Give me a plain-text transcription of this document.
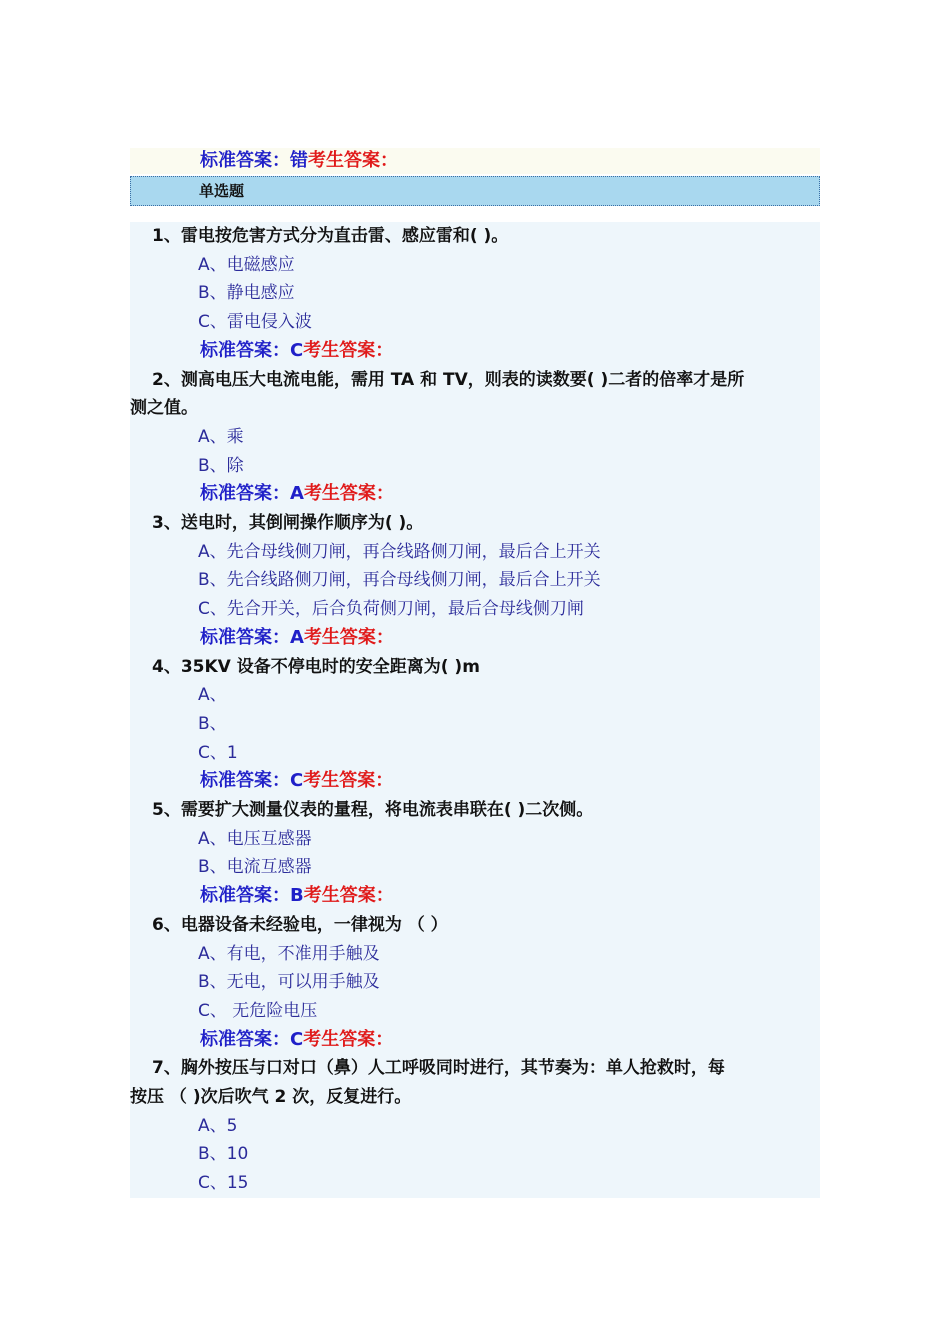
标准答案：错考生答案：
单选题
1、雷电按危害方式分为直击雷、感应雷和( )。
A、电磁感应
B、静电感应
C、雷电侵入波
标准答案：C考生答案：
2、测高电压大电流电能，需用 TA 和 TV，则表的读数要( )二者的倍率才是所
测之值。
A、乘
B、除
标准答案：A考生答案：
3、送电时，其倒闸操作顺序为( )。
A、先合母线侧刀闸，再合线路侧刀闸，最后合上开关
B、先合线路侧刀闸，再合母线侧刀闸，最后合上开关
C、先合开关，后合负荷侧刀闸，最后合母线侧刀闸
标准答案：A考生答案：
4、35KV 设备不停电时的安全距离为( )m
A、
B、
C、1
标准答案：C考生答案：
5、需要扩大测量仪表的量程，将电流表串联在( )二次侧。
A、电压互感器
B、电流互感器
标准答案：B考生答案：
6、电器设备未经验电，一律视为 （ ）
A、有电，不准用手触及
B、无电，可以用手触及
C、 无危险电压
标准答案：C考生答案：
7、胸外按压与口对口（鼻）人工呼吸同时进行，其节奏为：单人抢救时，每
按压 （ )次后吹气 2 次，反复进行。
A、5
B、10
C、15
